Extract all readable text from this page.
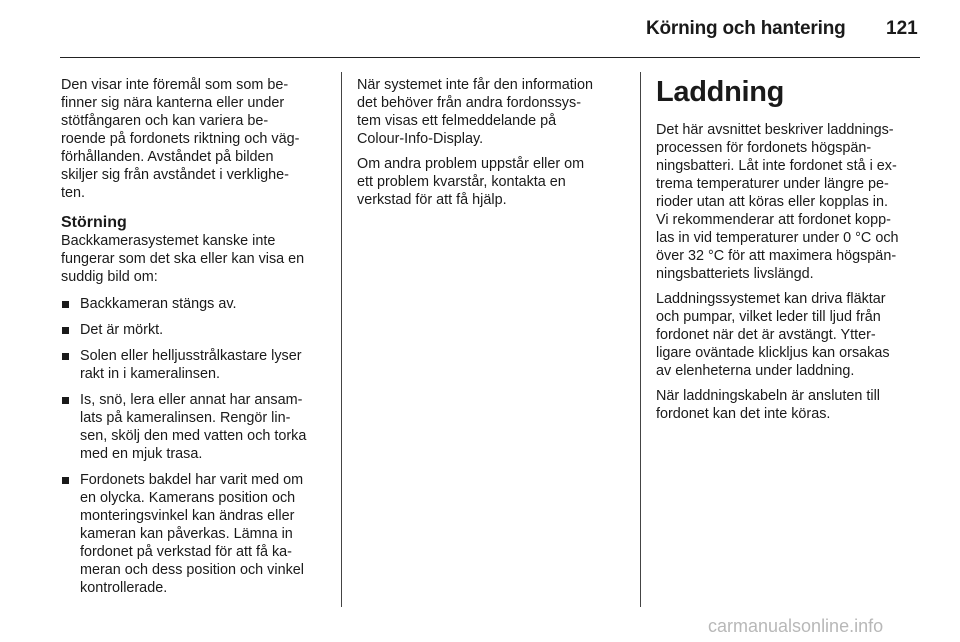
Körning och hantering 121

Den visar inte föremål som som be-
finner sig nära kanterna eller under
stötfångaren och kan variera be-
roende på fordonets riktning och väg-
förhållanden. Avståndet på bilden
skiljer sig från avståndet i verklighe-
ten.

Störning

Backkamerasystemet kanske inte
fungerar som det ska eller kan visa en
suddig bild om:

Backkameran stängs av.
Det är mörkt.
Solen eller helljusstrålkastare lyser
rakt in i kameralinsen.
Is, snö, lera eller annat har ansam-
lats på kameralinsen. Rengör lin-
sen, skölj den med vatten och torka
med en mjuk trasa.
Fordonets bakdel har varit med om
en olycka. Kamerans position och
monteringsvinkel kan ändras eller
kameran kan påverkas. Lämna in
fordonet på verkstad för att få ka-
meran och dess position och vinkel
kontrollerade.

När systemet inte får den information
det behöver från andra fordonssys-
tem visas ett felmeddelande på
Colour-Info-Display.

Om andra problem uppstår eller om
ett problem kvarstår, kontakta en
verkstad för att få hjälp.

Laddning

Det här avsnittet beskriver laddnings-
processen för fordonets högspän-
ningsbatteri. Låt inte fordonet stå i ex-
trema temperaturer under längre pe-
rioder utan att köras eller kopplas in.
Vi rekommenderar att fordonet kopp-
las in vid temperaturer under 0 °C och
över 32 °C för att maximera högspän-
ningsbatteriets livslängd.

Laddningssystemet kan driva fläktar
och pumpar, vilket leder till ljud från
fordonet när det är avstängt. Ytter-
ligare oväntade klickljus kan orsakas
av elenheterna under laddning.

När laddningskabeln är ansluten till
fordonet kan det inte köras.

carmanualsonline.info
